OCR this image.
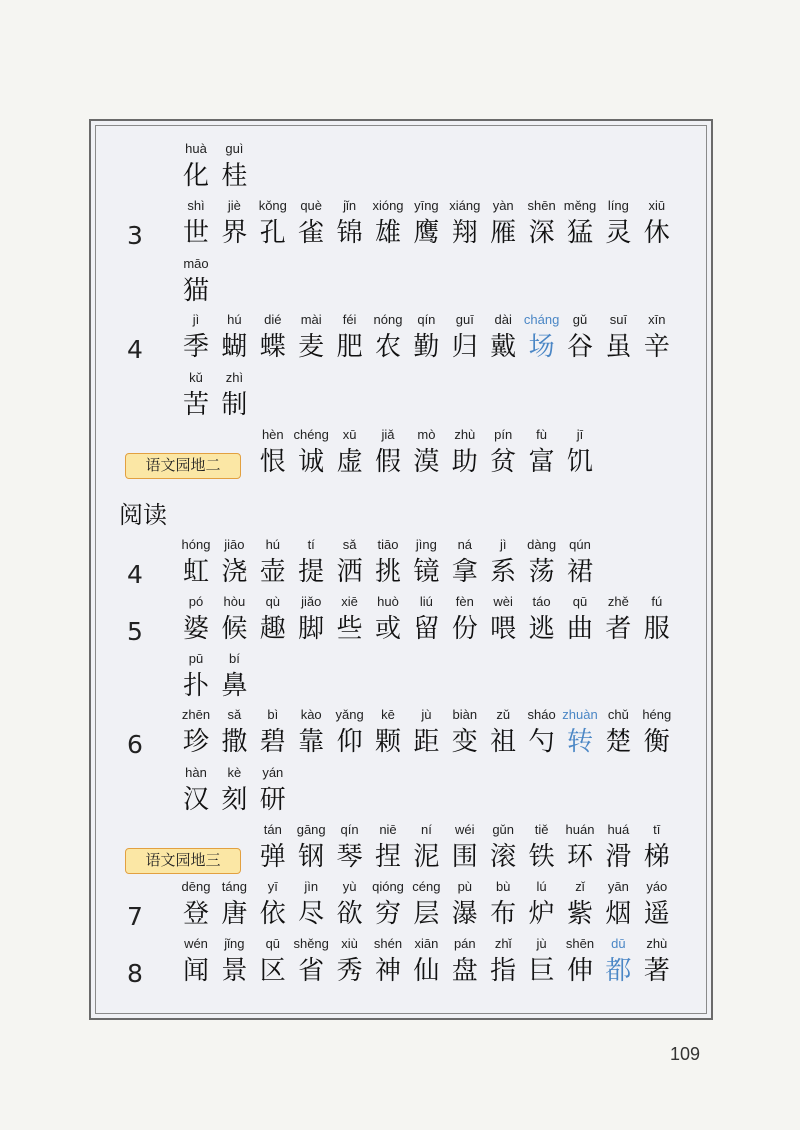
huà
化
guì
桂
3
shì
世
jiè
界
kǒng
孔
què
雀
jǐn
锦
xióng
雄
yīng
鹰
xiáng
翔
yàn
雁
shēn
深
měng
猛
líng
灵
xiū
休
māo
猫
4
jì
季
hú
蝴
dié
蝶
mài
麦
féi
肥
nóng
农
qín
勤
guī
归
dài
戴
cháng
场
gǔ
谷
suī
虽
xīn
辛
kǔ
苦
zhì
制
语文园地二
hèn
恨
chéng
诚
xū
虚
jiǎ
假
mò
漠
zhù
助
pín
贫
fù
富
jī
饥
4
hóng
虹
jiāo
浇
hú
壶
tí
提
sǎ
洒
tiāo
挑
jìng
镜
ná
拿
jì
系
dàng
荡
qún
裙
5
pó
婆
hòu
候
qù
趣
jiǎo
脚
xiē
些
huò
或
liú
留
fèn
份
wèi
喂
táo
逃
qū
曲
zhě
者
fú
服
pū
扑
bí
鼻
6
zhēn
珍
sǎ
撒
bì
碧
kào
靠
yǎng
仰
kē
颗
jù
距
biàn
变
zǔ
祖
sháo
勺
zhuàn
转
chǔ
楚
héng
衡
hàn
汉
kè
刻
yán
研
语文园地三
tán
弹
gāng
钢
qín
琴
niē
捏
ní
泥
wéi
围
gǔn
滚
tiě
铁
huán
环
huá
滑
tī
梯
7
dēng
登
táng
唐
yī
依
jìn
尽
yù
欲
qióng
穷
céng
层
pù
瀑
bù
布
lú
炉
zǐ
紫
yān
烟
yáo
遥
8
wén
闻
jǐng
景
qū
区
shěng
省
xiù
秀
shén
神
xiān
仙
pán
盘
zhǐ
指
jù
巨
shēn
伸
dū
都
zhù
著
阅读
109
